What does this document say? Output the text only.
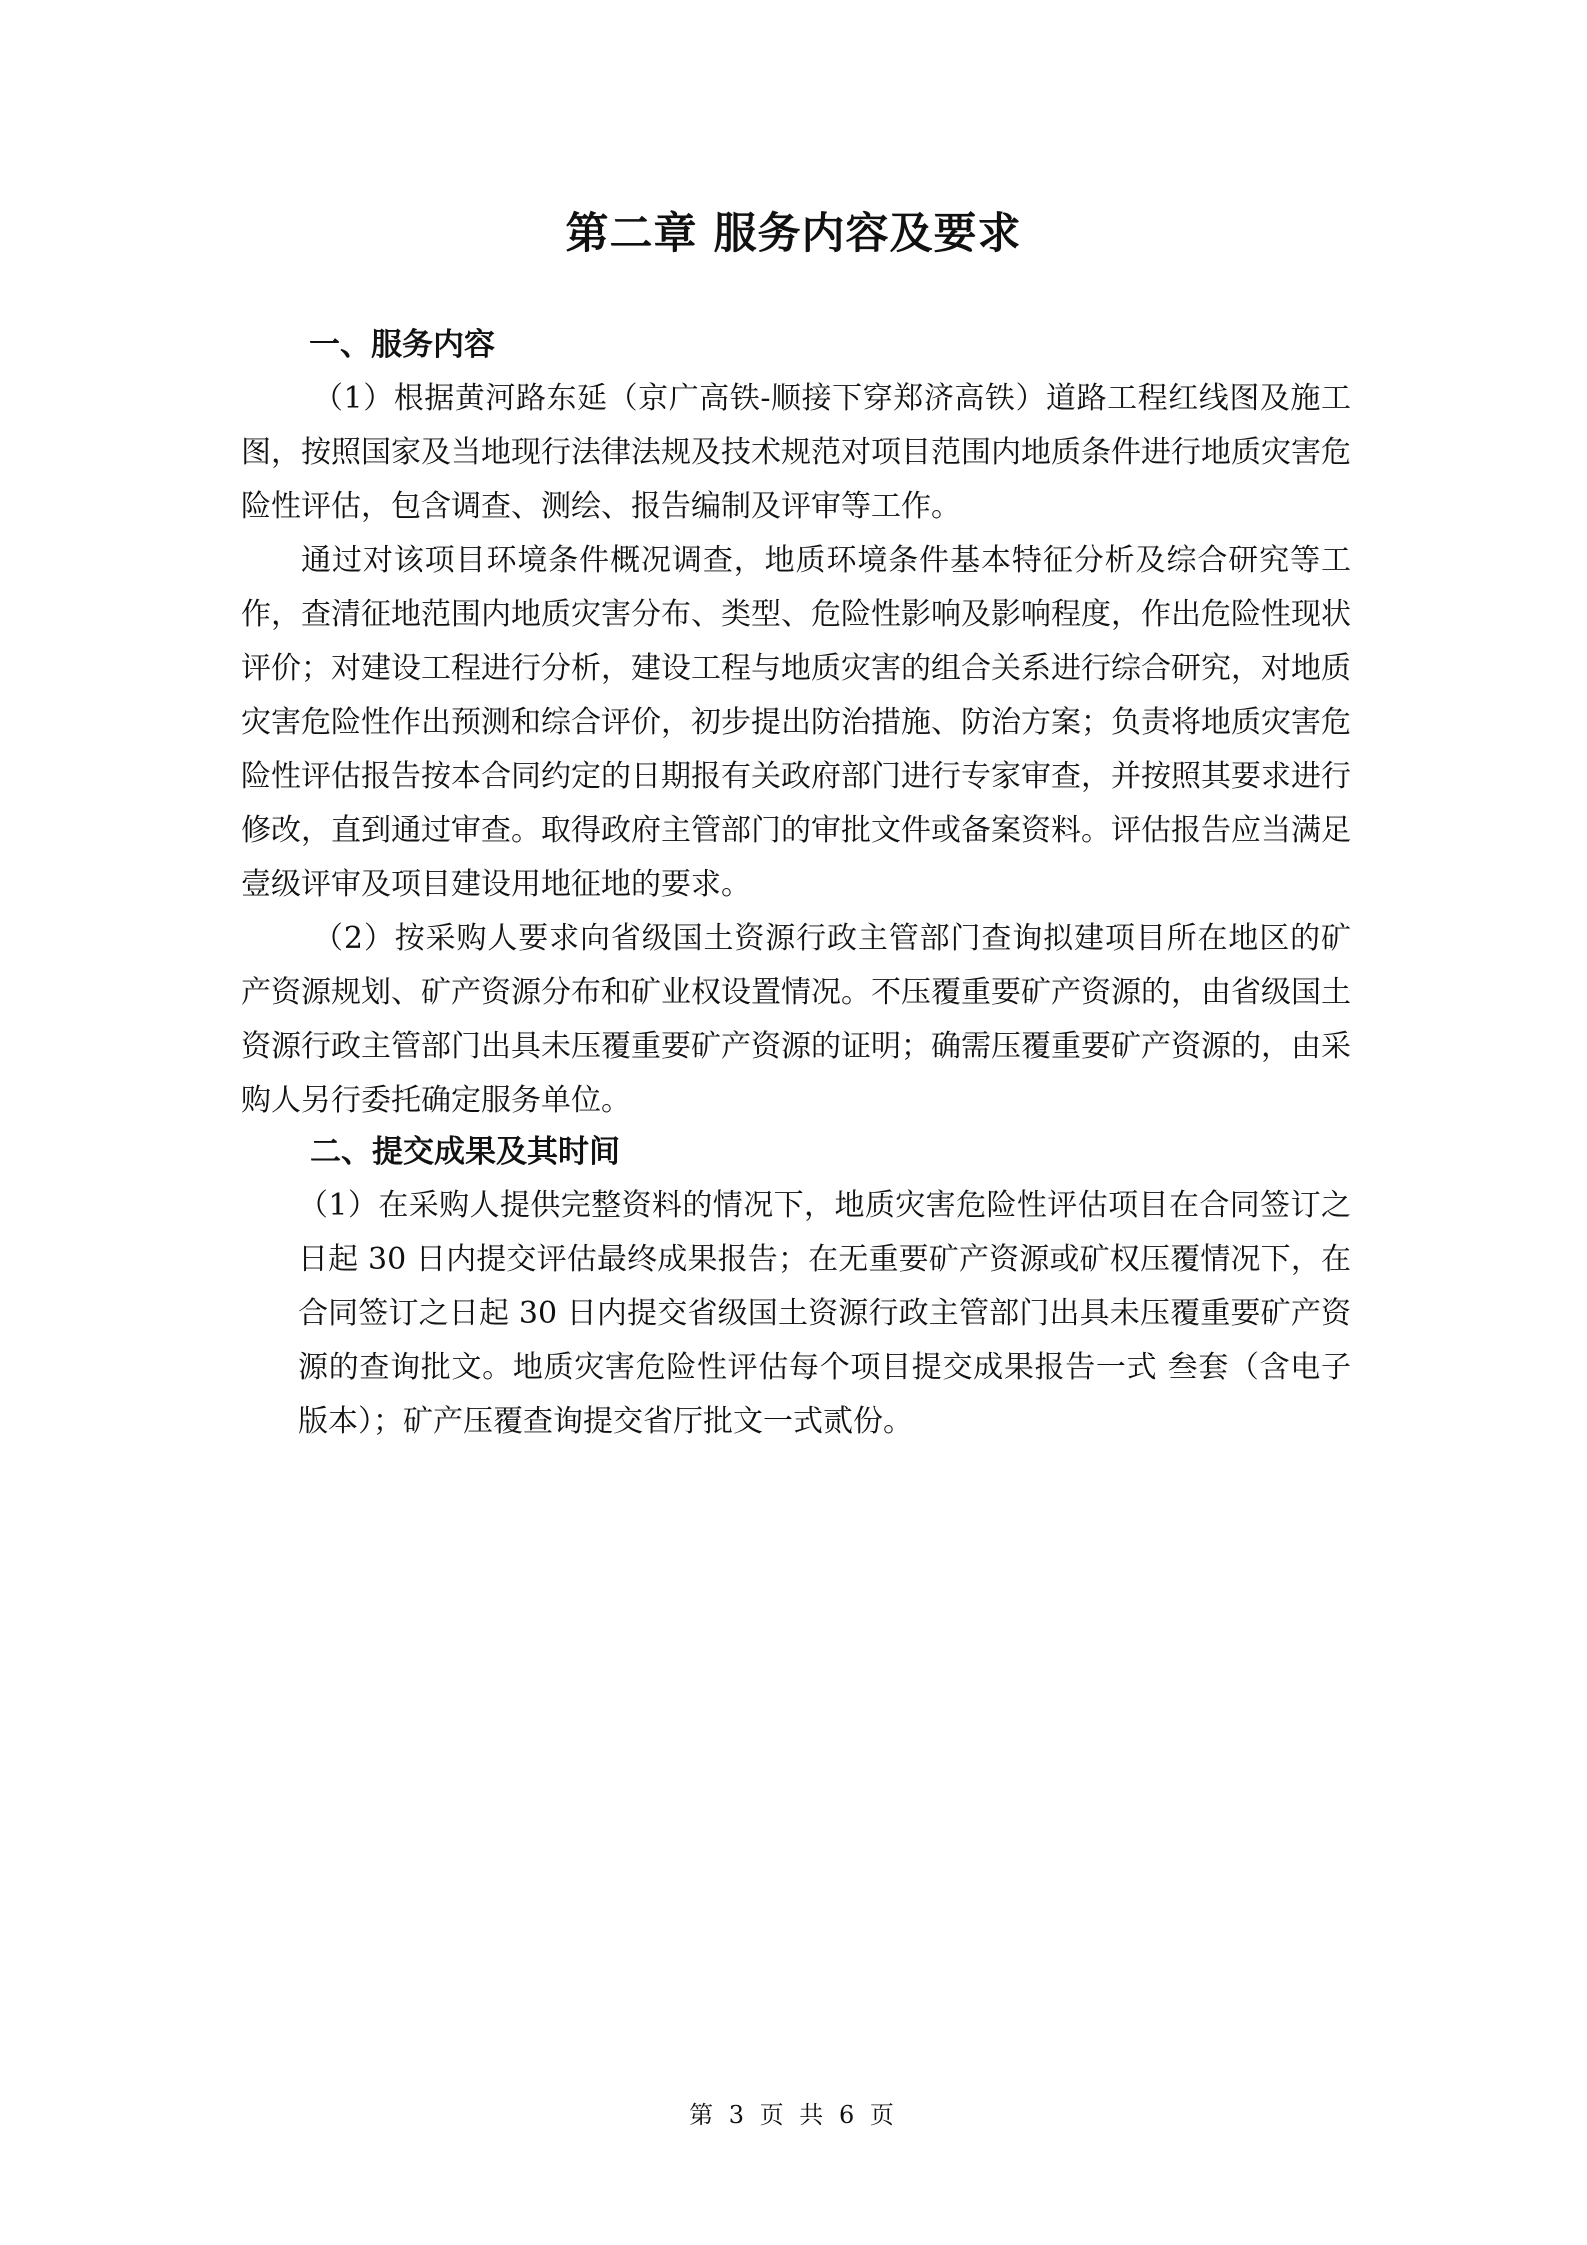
第二章 服务内容及要求

一、服务内容

（1）根据黄河路东延（京广高铁-顺接下穿郑济高铁）道路工程红线图及施工图，按照国家及当地现行法律法规及技术规范对项目范围内地质条件进行地质灾害危险性评估，包含调查、测绘、报告编制及评审等工作。

通过对该项目环境条件概况调查，地质环境条件基本特征分析及综合研究等工作，查清征地范围内地质灾害分布、类型、危险性影响及影响程度，作出危险性现状评价；对建设工程进行分析，建设工程与地质灾害的组合关系进行综合研究，对地质灾害危险性作出预测和综合评价，初步提出防治措施、防治方案；负责将地质灾害危险性评估报告按本合同约定的日期报有关政府部门进行专家审查，并按照其要求进行修改，直到通过审查。取得政府主管部门的审批文件或备案资料。评估报告应当满足壹级评审及项目建设用地征地的要求。

（2）按采购人要求向省级国土资源行政主管部门查询拟建项目所在地区的矿产资源规划、矿产资源分布和矿业权设置情况。不压覆重要矿产资源的，由省级国土资源行政主管部门出具未压覆重要矿产资源的证明；确需压覆重要矿产资源的，由采购人另行委托确定服务单位。

二、提交成果及其时间

（1）在采购人提供完整资料的情况下，地质灾害危险性评估项目在合同签订之日起 30 日内提交评估最终成果报告；在无重要矿产资源或矿权压覆情况下，在合同签订之日起 30 日内提交省级国土资源行政主管部门出具未压覆重要矿产资源的查询批文。地质灾害危险性评估每个项目提交成果报告一式 叁套（含电子版本）；矿产压覆查询提交省厅批文一式贰份。

第 3 页 共 6 页
